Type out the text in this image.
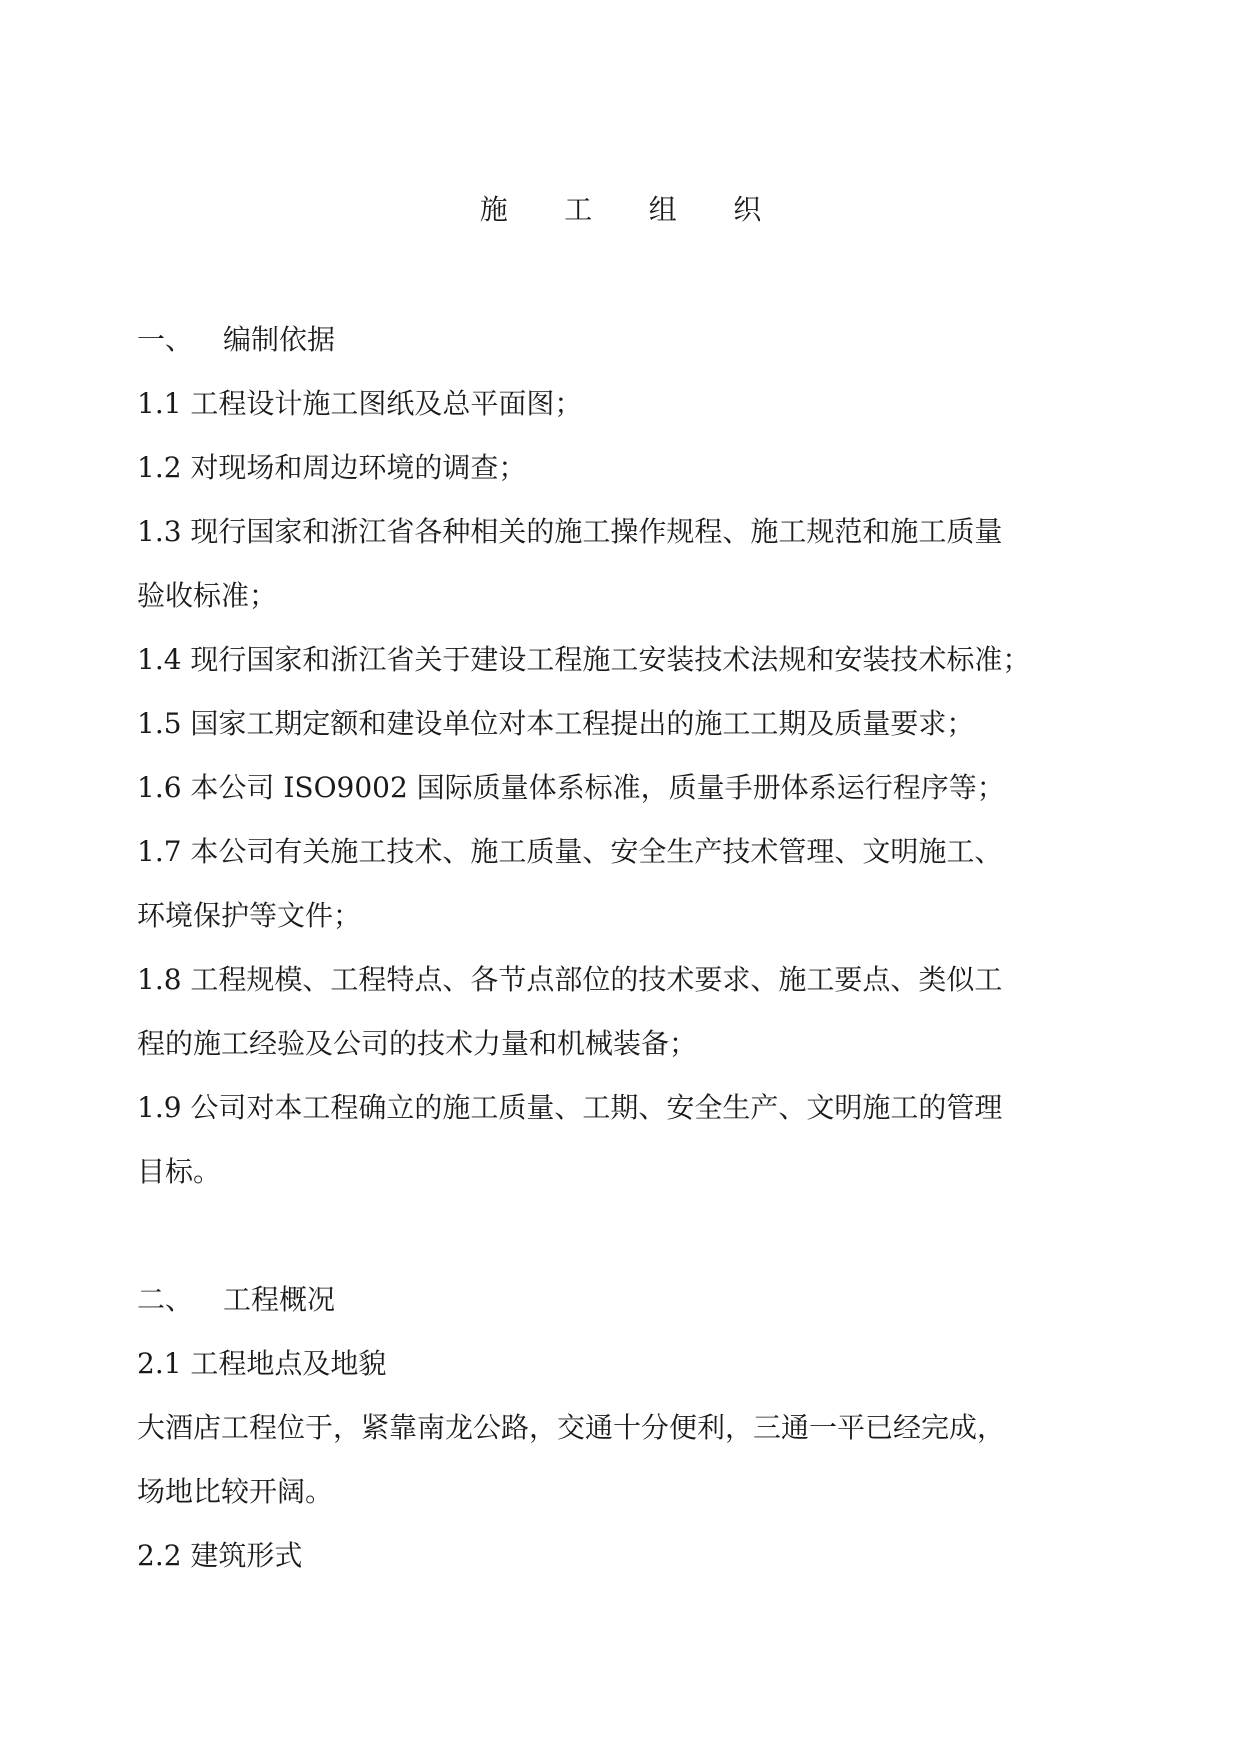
施 工 组 织
一、 编制依据
1.1 工程设计施工图纸及总平面图；
1.2 对现场和周边环境的调查；
1.3 现行国家和浙江省各种相关的施工操作规程、施工规范和施工质量
验收标准；
1.4 现行国家和浙江省关于建设工程施工安装技术法规和安装技术标准；
1.5 国家工期定额和建设单位对本工程提出的施工工期及质量要求；
1.6 本公司 ISO9002 国际质量体系标准，质量手册体系运行程序等；
1.7 本公司有关施工技术、施工质量、安全生产技术管理、文明施工、
环境保护等文件；
1.8 工程规模、工程特点、各节点部位的技术要求、施工要点、类似工
程的施工经验及公司的技术力量和机械装备；
1.9 公司对本工程确立的施工质量、工期、安全生产、文明施工的管理
目标。
二、 工程概况
2.1 工程地点及地貌
大酒店工程位于，紧靠南龙公路，交通十分便利，三通一平已经完成，
场地比较开阔。
2.2 建筑形式
